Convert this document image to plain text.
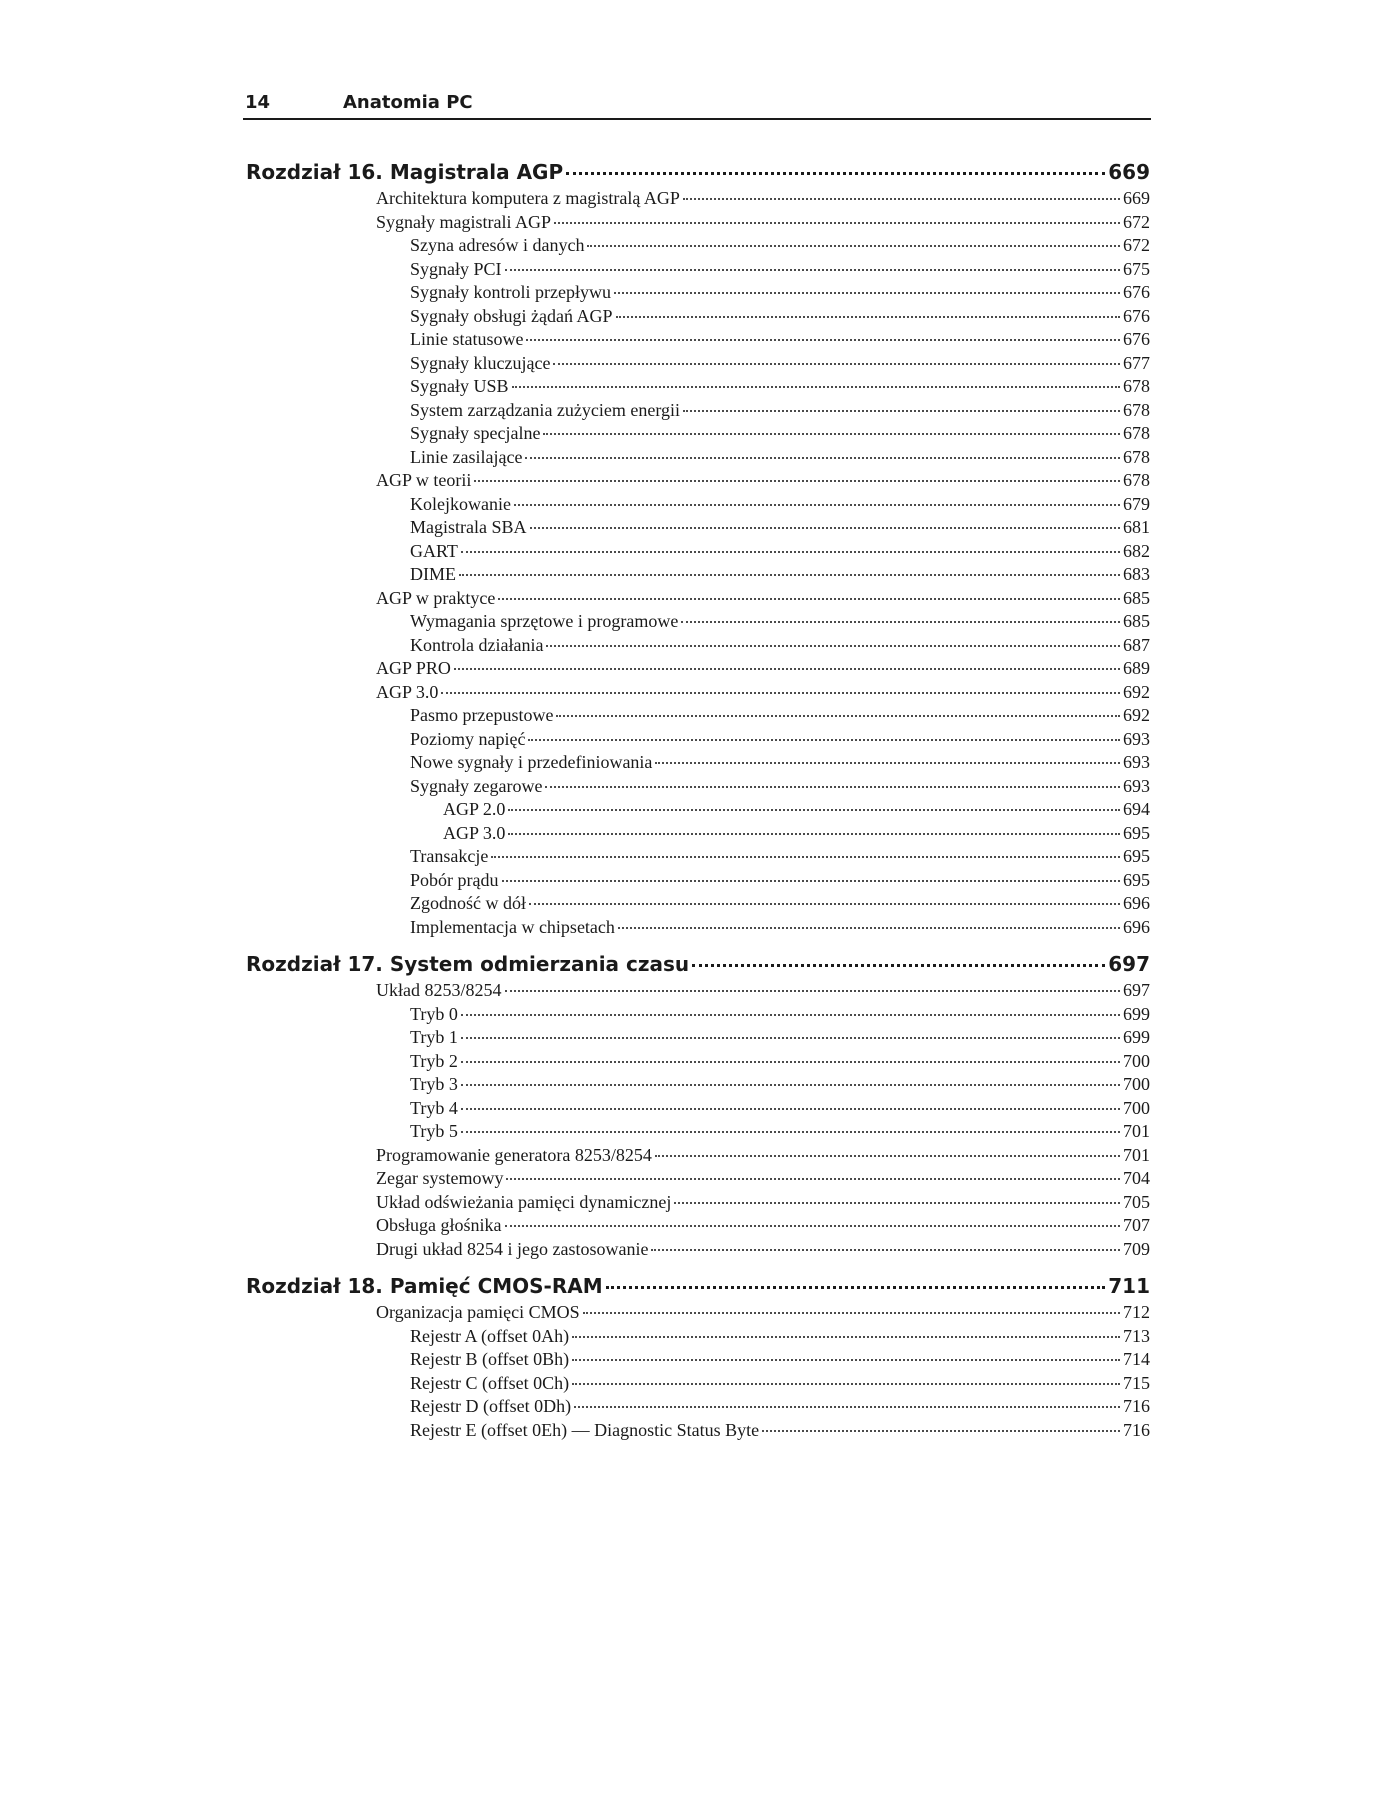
14	Anatomia PC
Rozdział 16. Magistrala AGP	669
Architektura komputera z magistralą AGP	669
Sygnały magistrali AGP	672
Szyna adresów i danych	672
Sygnały PCI	675
Sygnały kontroli przepływu	676
Sygnały obsługi żądań AGP	676
Linie statusowe	676
Sygnały kluczujące	677
Sygnały USB	678
System zarządzania zużyciem energii	678
Sygnały specjalne	678
Linie zasilające	678
AGP w teorii	678
Kolejkowanie	679
Magistrala SBA	681
GART	682
DIME	683
AGP w praktyce	685
Wymagania sprzętowe i programowe	685
Kontrola działania	687
AGP PRO	689
AGP 3.0	692
Pasmo przepustowe	692
Poziomy napięć	693
Nowe sygnały i przedefiniowania	693
Sygnały zegarowe	693
AGP 2.0	694
AGP 3.0	695
Transakcje	695
Pobór prądu	695
Zgodność w dół	696
Implementacja w chipsetach	696
Rozdział 17. System odmierzania czasu	697
Układ 8253/8254	697
Tryb 0	699
Tryb 1	699
Tryb 2	700
Tryb 3	700
Tryb 4	700
Tryb 5	701
Programowanie generatora 8253/8254	701
Zegar systemowy	704
Układ odświeżania pamięci dynamicznej	705
Obsługa głośnika	707
Drugi układ 8254 i jego zastosowanie	709
Rozdział 18. Pamięć CMOS-RAM	711
Organizacja pamięci CMOS	712
Rejestr A (offset 0Ah)	713
Rejestr B (offset 0Bh)	714
Rejestr C (offset 0Ch)	715
Rejestr D (offset 0Dh)	716
Rejestr E (offset 0Eh) — Diagnostic Status Byte	716
